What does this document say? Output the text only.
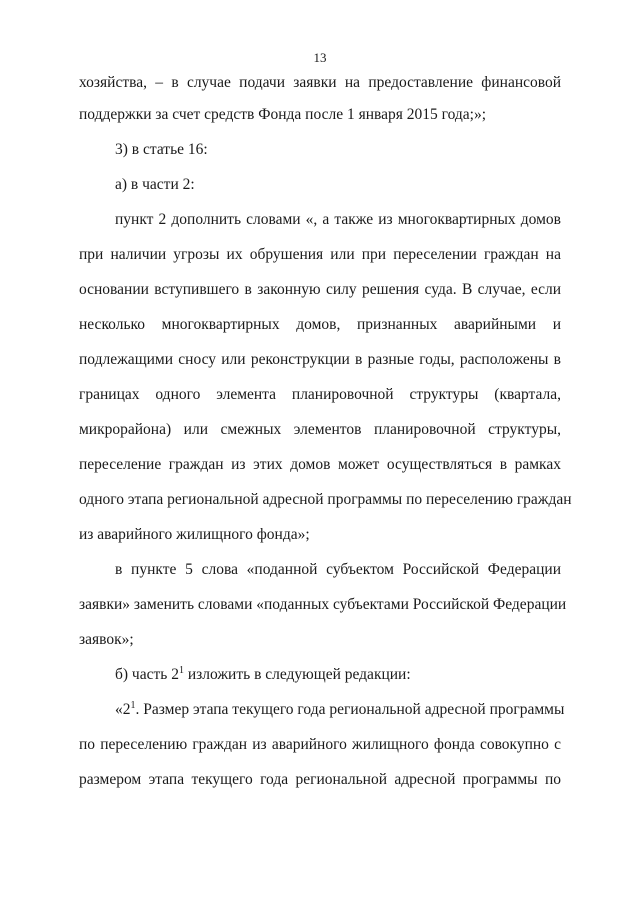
13
хозяйства, – в случае подачи заявки на предоставление финансовой
поддержки за счет средств Фонда после 1 января 2015 года;»;
3) в статье 16:
а) в части 2:
пункт 2 дополнить словами «, а также из многоквартирных домов
при наличии угрозы их обрушения или при переселении граждан на
основании вступившего в законную силу решения суда. В случае, если
несколько многоквартирных домов, признанных аварийными и
подлежащими сносу или реконструкции в разные годы, расположены в
границах одного элемента планировочной структуры (квартала,
микрорайона) или смежных элементов планировочной структуры,
переселение граждан из этих домов может осуществляться в рамках
одного этапа региональной адресной программы по переселению граждан
из аварийного жилищного фонда»;
в пункте 5 слова «поданной субъектом Российской Федерации
заявки» заменить словами «поданных субъектами Российской Федерации
заявок»;
б) часть $2^1$ изложить в следующей редакции:
«$2^1$. Размер этапа текущего года региональной адресной программы
по переселению граждан из аварийного жилищного фонда совокупно с
размером этапа текущего года региональной адресной программы по
